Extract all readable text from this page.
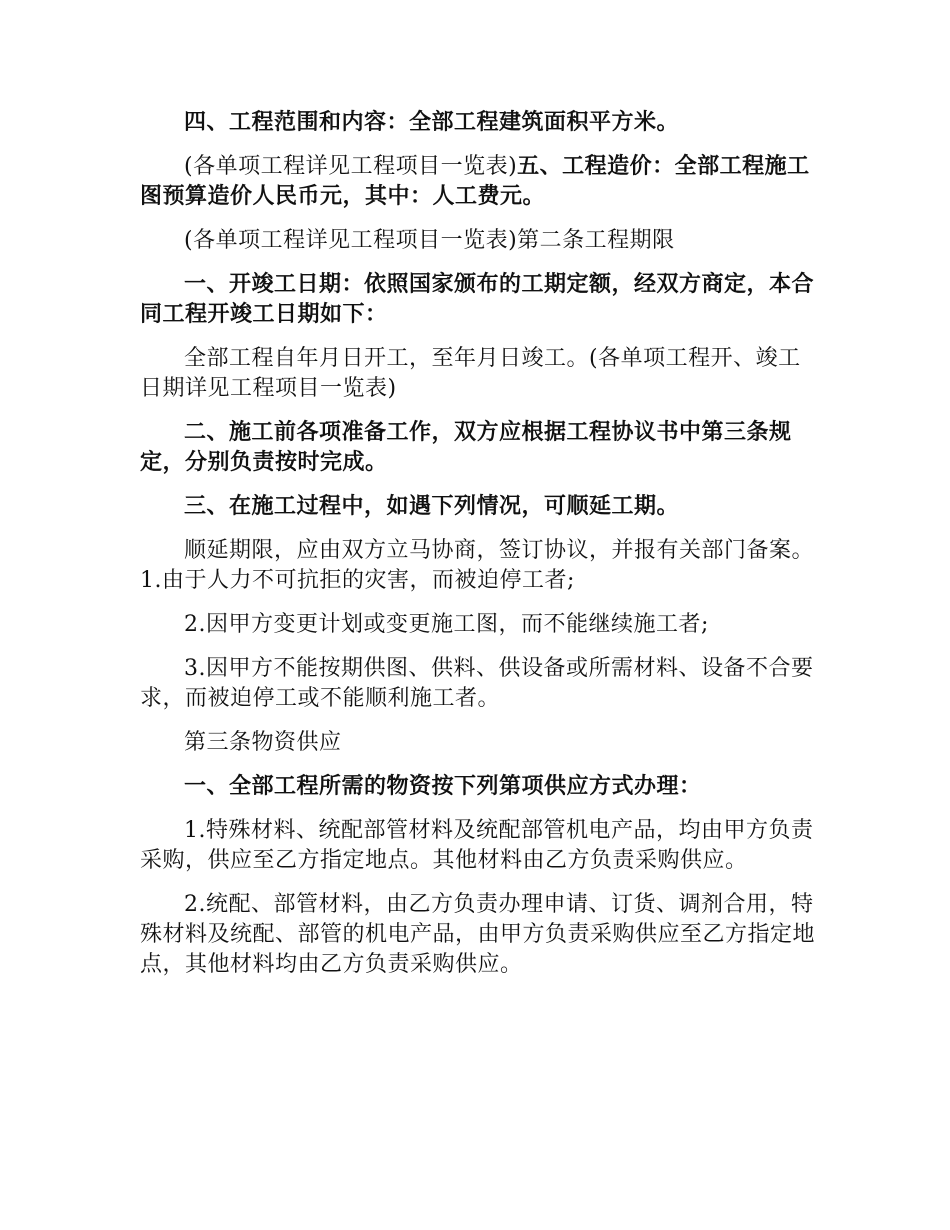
四、工程范围和内容：全部工程建筑面积平方米。

(各单项工程详见工程项目一览表)五、工程造价：全部工程施工图预算造价人民币元，其中：人工费元。

(各单项工程详见工程项目一览表)第二条工程期限

一、开竣工日期：依照国家颁布的工期定额，经双方商定，本合同工程开竣工日期如下：

全部工程自年月日开工，至年月日竣工。(各单项工程开、竣工日期详见工程项目一览表)

二、施工前各项准备工作，双方应根据工程协议书中第三条规定，分别负责按时完成。

三、在施工过程中，如遇下列情况，可顺延工期。

顺延期限，应由双方立马协商，签订协议，并报有关部门备案。1.由于人力不可抗拒的灾害，而被迫停工者;

2.因甲方变更计划或变更施工图，而不能继续施工者;

3.因甲方不能按期供图、供料、供设备或所需材料、设备不合要求，而被迫停工或不能顺利施工者。

第三条物资供应

一、全部工程所需的物资按下列第项供应方式办理：

1.特殊材料、统配部管材料及统配部管机电产品，均由甲方负责采购，供应至乙方指定地点。其他材料由乙方负责采购供应。

2.统配、部管材料，由乙方负责办理申请、订货、调剂合用，特殊材料及统配、部管的机电产品，由甲方负责采购供应至乙方指定地点，其他材料均由乙方负责采购供应。
